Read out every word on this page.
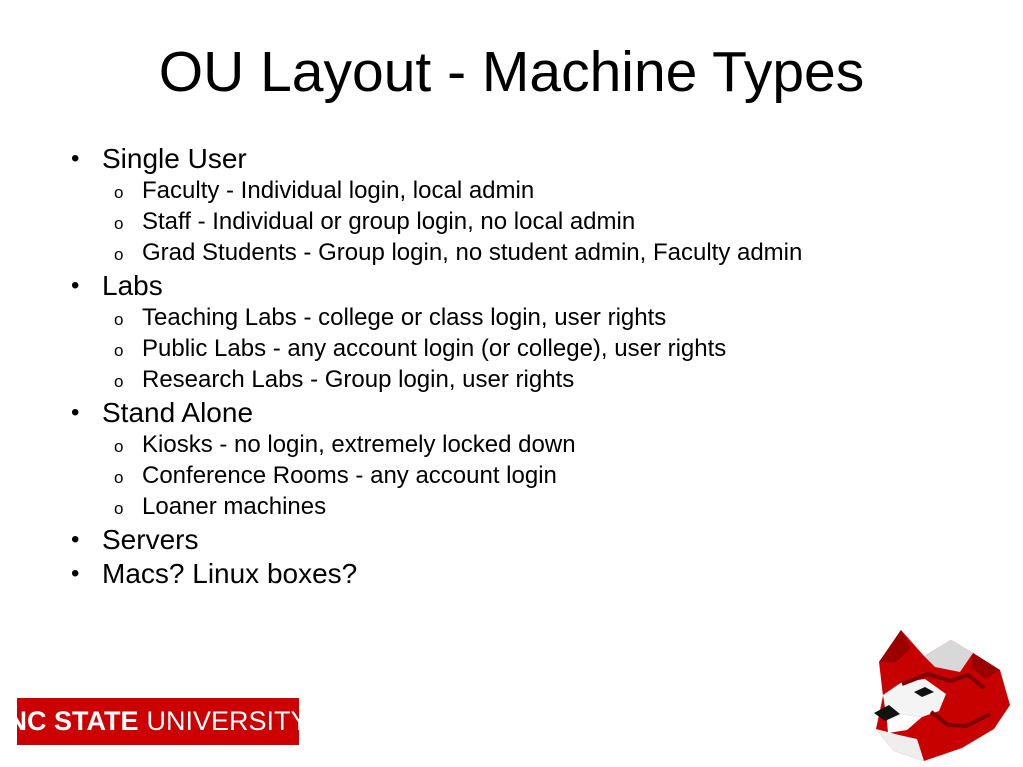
OU Layout - Machine Types
• Single User
o Faculty - Individual login, local admin
o Staff - Individual or group login, no local admin
o Grad Students - Group login, no student admin, Faculty admin
• Labs
o Teaching Labs - college or class login, user rights
o Public Labs - any account login (or college), user rights
o Research Labs - Group login, user rights
• Stand Alone
o Kiosks - no login, extremely locked down
o Conference Rooms - any account login
o Loaner machines
• Servers
• Macs? Linux boxes?
NC STATE UNIVERSITY
